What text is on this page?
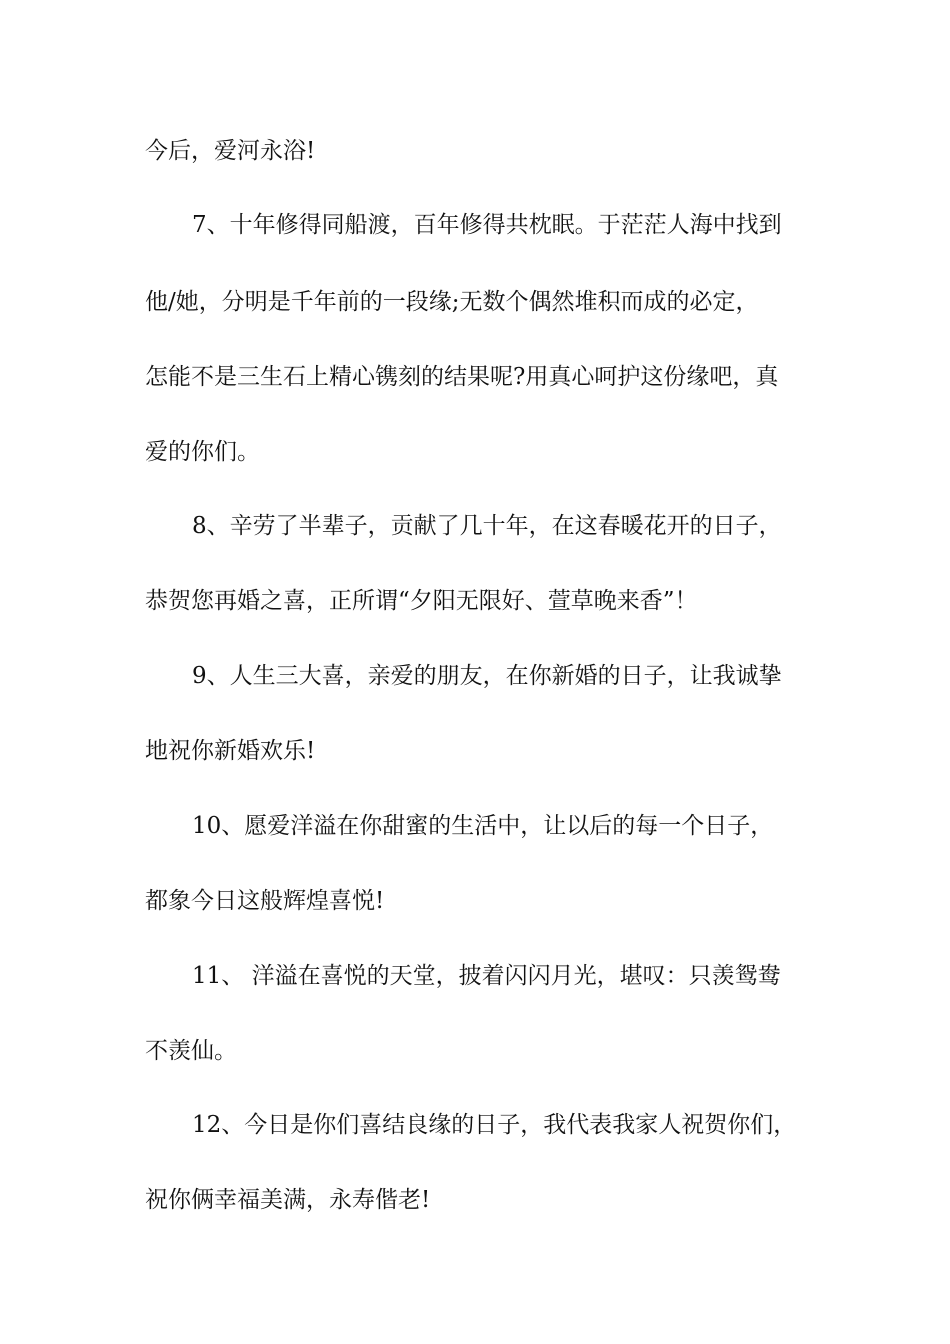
今后，爱河永浴!
7、十年修得同船渡，百年修得共枕眠。于茫茫人海中找到
他/她，分明是千年前的一段缘;无数个偶然堆积而成的必定，
怎能不是三生石上精心镌刻的结果呢?用真心呵护这份缘吧，真
爱的你们。
8、辛劳了半辈子，贡献了几十年，在这春暖花开的日子，
恭贺您再婚之喜，正所谓“夕阳无限好、萱草晚来香”！
9、人生三大喜，亲爱的朋友，在你新婚的日子，让我诚挚
地祝你新婚欢乐!
10、愿爱洋溢在你甜蜜的生活中，让以后的每一个日子，
都象今日这般辉煌喜悦!
11、 洋溢在喜悦的天堂，披着闪闪月光，堪叹：只羡鸳鸯
不羡仙。
12、今日是你们喜结良缘的日子，我代表我家人祝贺你们，
祝你俩幸福美满，永寿偕老!
